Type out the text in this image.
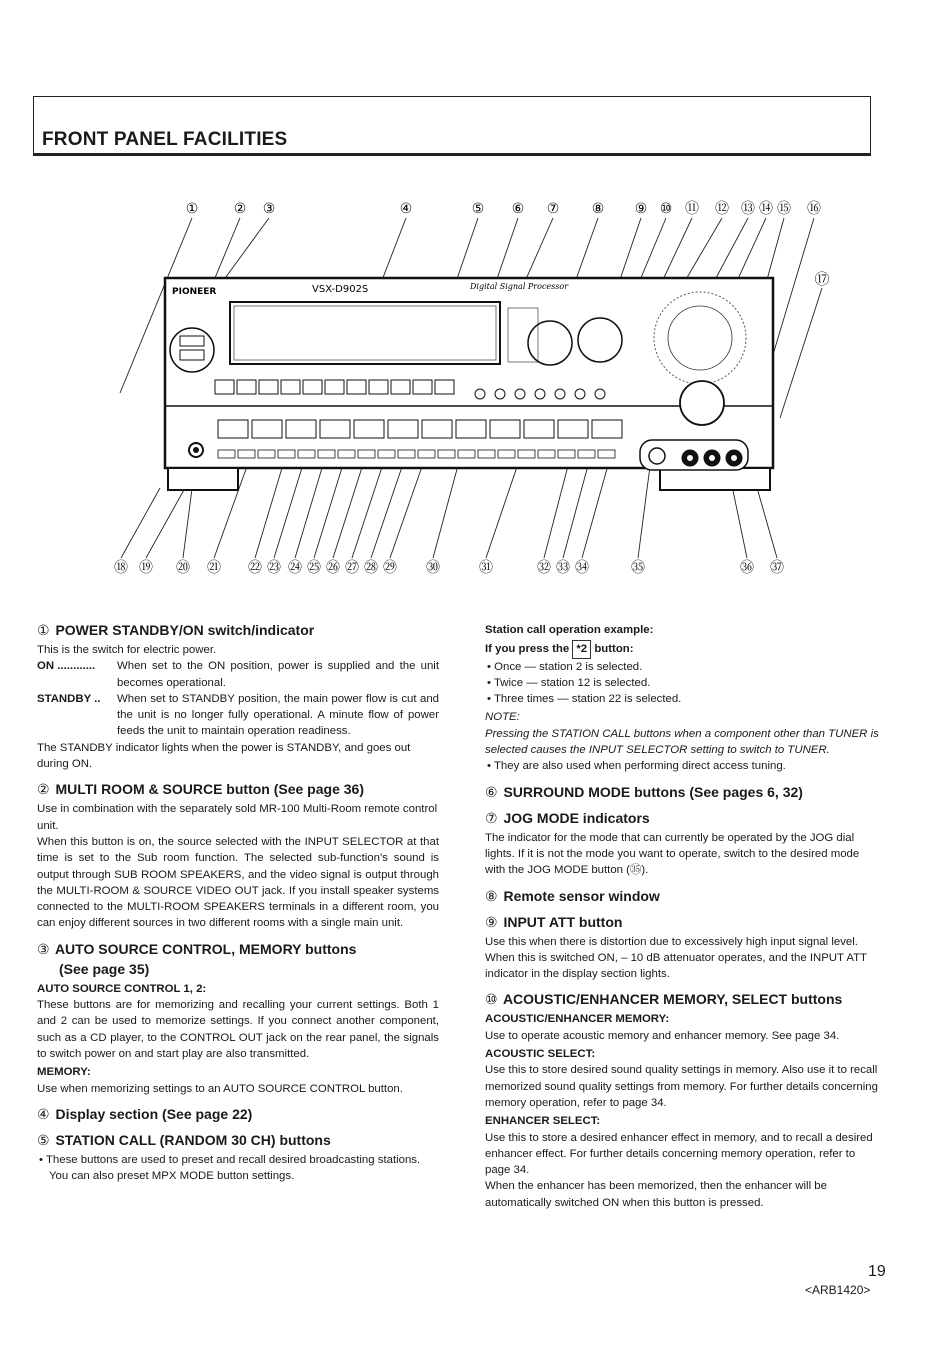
FRONT PANEL FACILITIES
①	② ③	④	⑤ ⑥ ⑦ ⑧ ⑨ ⑩ ⑪ ⑫ ⑬ ⑭ ⑮ ⑯
⑰
PIONEER	VSX-D902S	Digital Signal Processor
⑱ ⑲ ⑳ ㉑ ㉒ ㉓ ㉔ ㉕ ㉖ ㉗ ㉘ ㉙ ㉚	㉛	㉜ ㉝ ㉞	㉟	㊱ ㊲
① POWER STANDBY/ON switch/indicator

This is the switch for electric power.

ON ............	When set to the ON position, power is supplied and the unit becomes operational.
STANDBY ..	When set to STANDBY position, the main power flow is cut and the unit is no longer fully operational. A minute flow of power feeds the unit to maintain operation readiness.

The STANDBY indicator lights when the power is STANDBY, and goes out during ON.

② MULTI ROOM & SOURCE button (See page 36)

Use in combination with the separately sold MR-100 Multi-Room remote control unit.

When this button is on, the source selected with the INPUT SELECTOR at that time is set to the Sub room function. The selected sub-function's sound is output through SUB ROOM SPEAKERS, and the video signal is output through the MULTI-ROOM & SOURCE VIDEO OUT jack. If you install speaker systems connected to the MULTI-ROOM SPEAKERS terminals in a different room, you can enjoy different sources in two different rooms with a single main unit.

③ AUTO SOURCE CONTROL, MEMORY buttons
(See page 35)
AUTO SOURCE CONTROL 1, 2:

These buttons are for memorizing and recalling your current settings. Both 1 and 2 can be used to memorize settings. If you connect another component, such as a CD player, to the CONTROL OUT jack on the rear panel, the signals to switch power on and start play are also transmitted.

MEMORY:

Use when memorizing settings to an AUTO SOURCE CONTROL button.

④ Display section (See page 22)
⑤ STATION CALL (RANDOM 30 CH) buttons

• These buttons are used to preset and recall desired broadcasting stations. You can also preset MPX MODE button settings.

Station call operation example:
If you press the *2 button:

• Once — station 2 is selected.

• Twice — station 12 is selected.

• Three times — station 22 is selected.

NOTE:

Pressing the STATION CALL buttons when a component other than TUNER is selected causes the INPUT SELECTOR setting to switch to TUNER.

• They are also used when performing direct access tuning.

⑥ SURROUND MODE buttons (See pages 6, 32)
⑦ JOG MODE indicators

The indicator for the mode that can currently be operated by the JOG dial lights. If it is not the mode you want to operate, switch to the desired mode with the JOG MODE button (㉟).

⑧ Remote sensor window
⑨ INPUT ATT button

Use this when there is distortion due to excessively high input signal level. When this is switched ON, – 10 dB attenuator operates, and the INPUT ATT indicator in the display section lights.

⑩ ACOUSTIC/ENHANCER MEMORY, SELECT buttons
ACOUSTIC/ENHANCER MEMORY:

Use to operate acoustic memory and enhancer memory. See page 34.

ACOUSTIC SELECT:

Use this to store desired sound quality settings in memory. Also use it to recall memorized sound quality settings from memory. For further details concerning memory operation, refer to page 34.

ENHANCER SELECT:

Use this to store a desired enhancer effect in memory, and to recall a desired enhancer effect. For further details concerning memory operation, refer to page 34.

When the enhancer has been memorized, then the enhancer will be automatically switched ON when this button is pressed.

19
<ARB1420>
